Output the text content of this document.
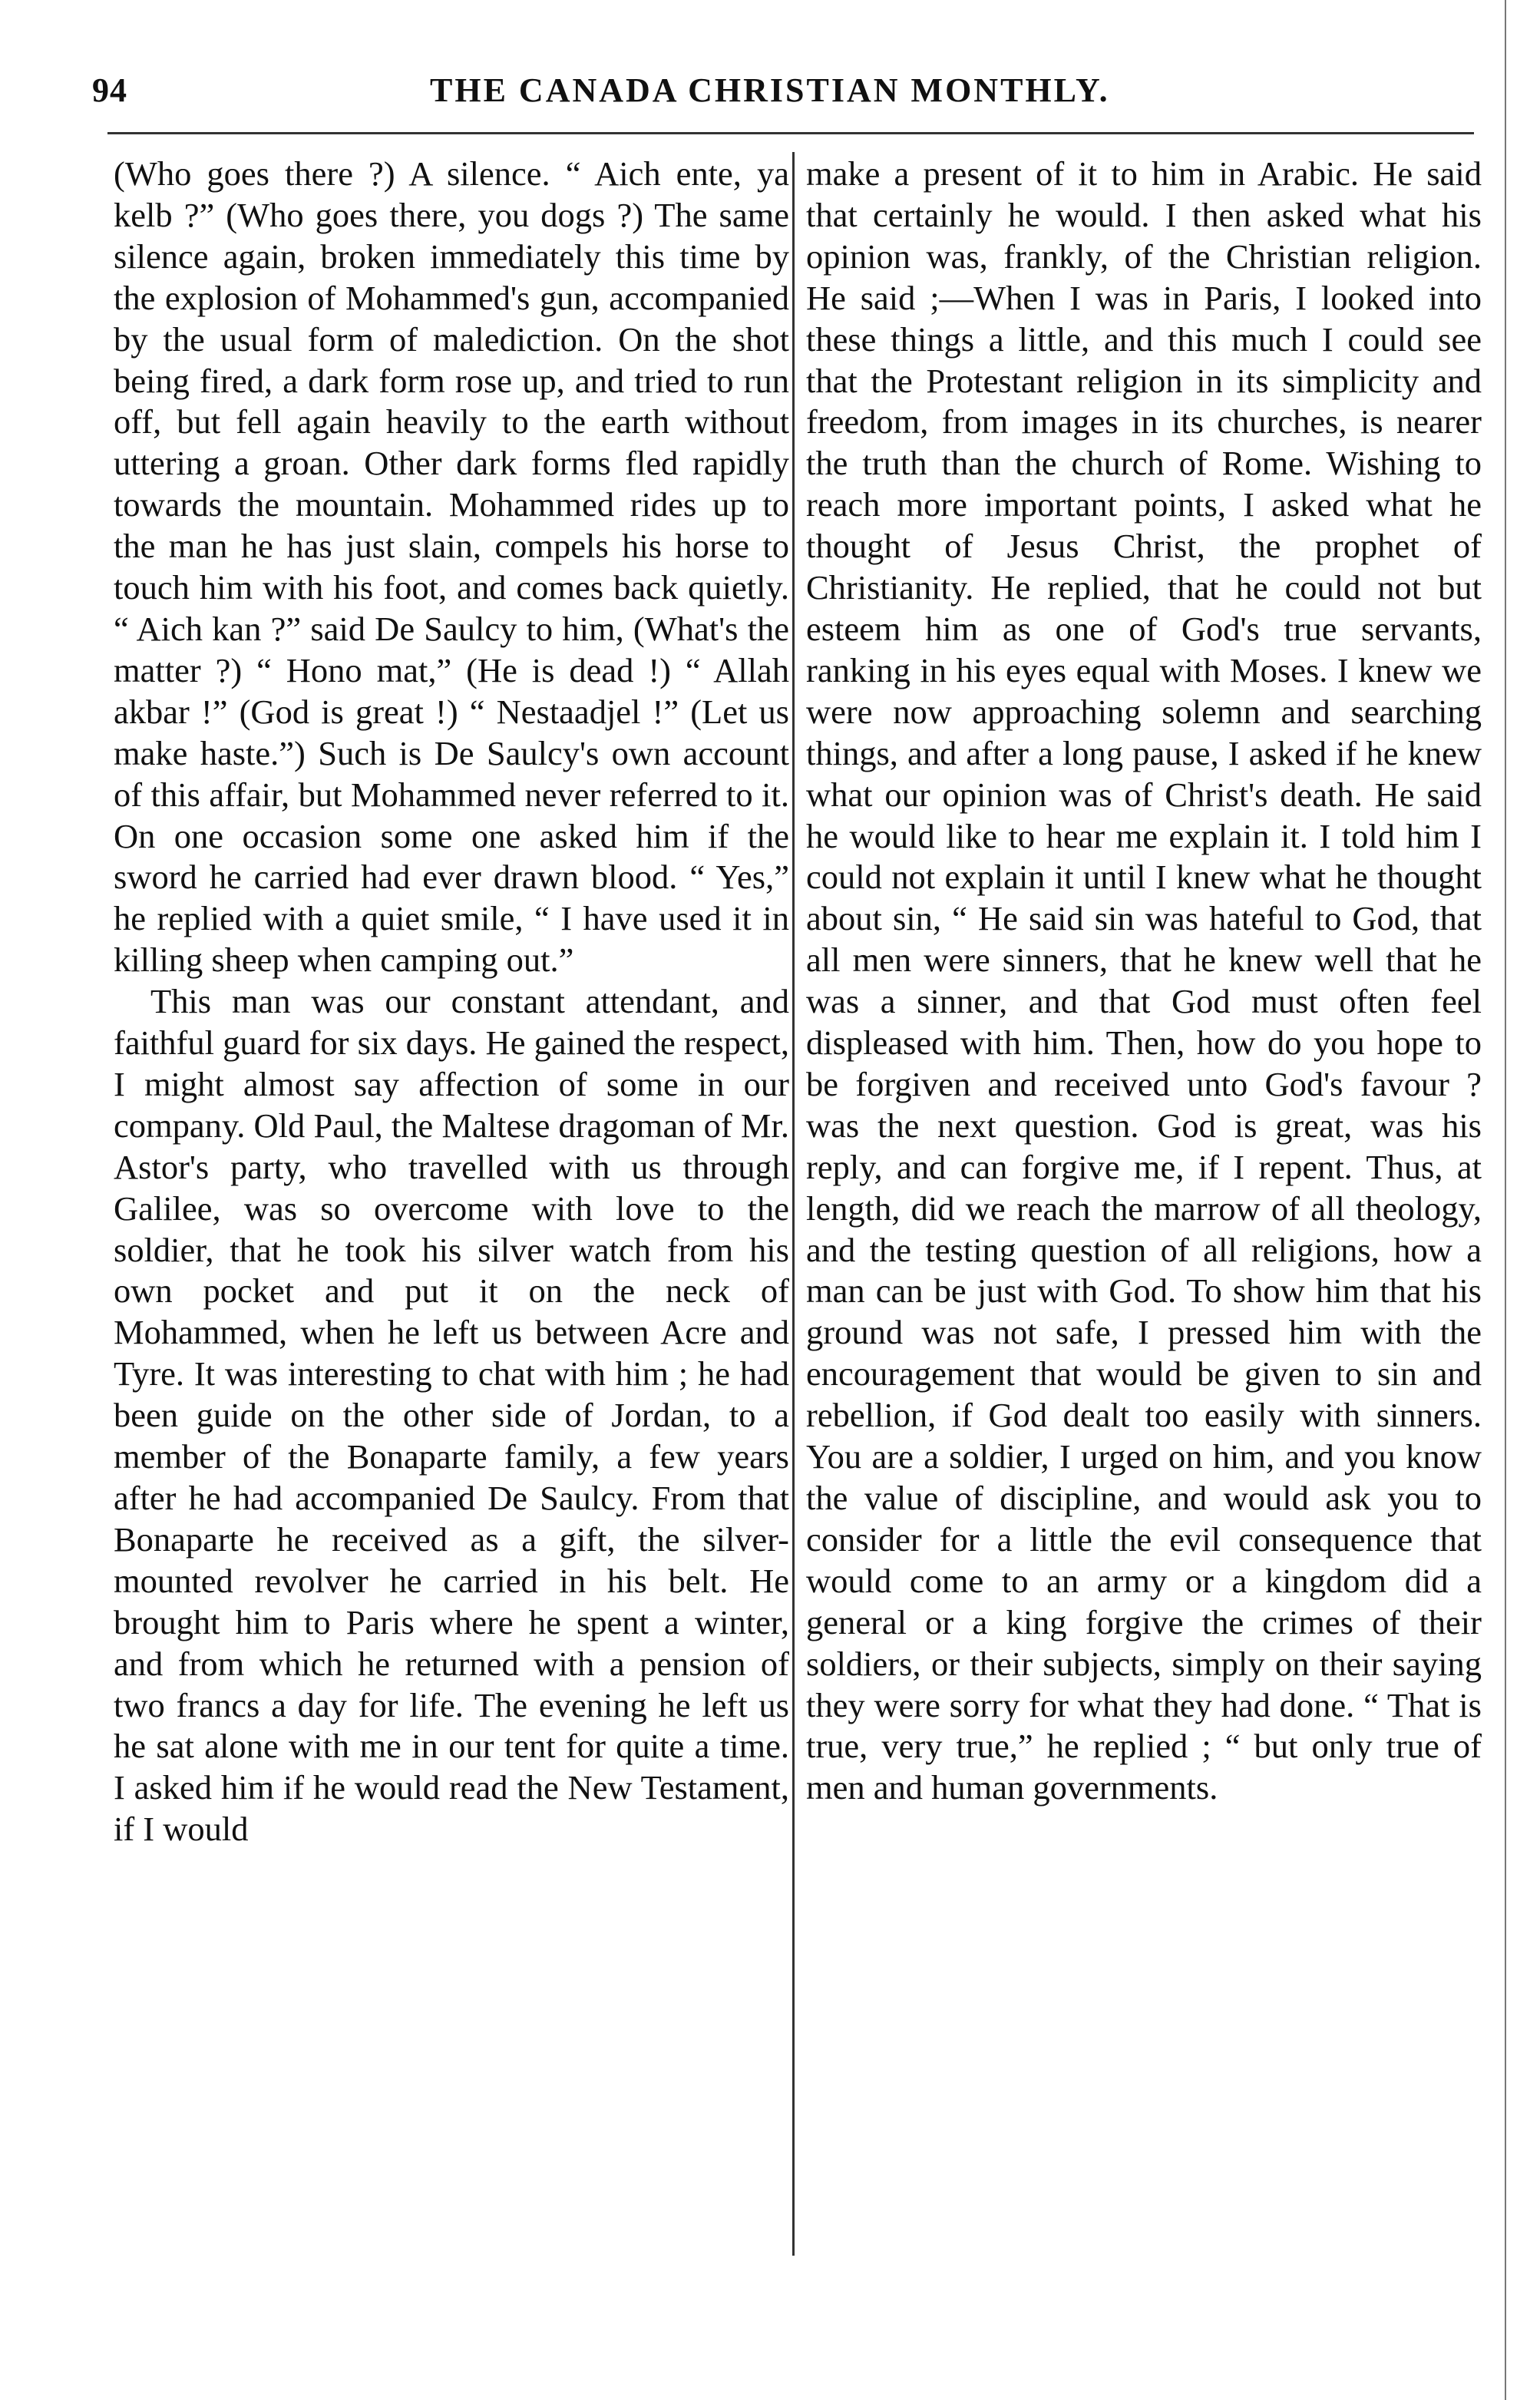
94	THE CANADA CHRISTIAN MONTHLY.

(Who goes there ?) A silence. “ Aich ente, ya kelb ?” (Who goes there, you dogs ?) The same silence again, broken immediately this time by the explosion of Mohammed's gun, accompanied by the usual form of malediction. On the shot being fired, a dark form rose up, and tried to run off, but fell again heavily to the earth without uttering a groan. Other dark forms fled rapidly towards the mountain. Mohammed rides up to the man he has just slain, compels his horse to touch him with his foot, and comes back quietly. “ Aich kan ?” said De Saulcy to him, (What's the matter ?) “ Hono mat,” (He is dead !) “ Allah akbar !” (God is great !) “ Nestaadjel !” (Let us make haste.”) Such is De Saulcy's own account of this affair, but Mohammed never referred to it. On one occasion some one asked him if the sword he carried had ever drawn blood. “ Yes,” he replied with a quiet smile, “ I have used it in killing sheep when camping out.”

This man was our constant attendant, and faithful guard for six days. He gained the respect, I might almost say affection of some in our company. Old Paul, the Maltese dragoman of Mr. Astor's party, who travelled with us through Galilee, was so overcome with love to the soldier, that he took his silver watch from his own pocket and put it on the neck of Mohammed, when he left us between Acre and Tyre. It was interesting to chat with him ; he had been guide on the other side of Jordan, to a member of the Bonaparte family, a few years after he had accompanied De Saulcy. From that Bonaparte he received as a gift, the silver-mounted revolver he carried in his belt. He brought him to Paris where he spent a winter, and from which he returned with a pension of two francs a day for life. The evening he left us he sat alone with me in our tent for quite a time. I asked him if he would read the New Testament, if I would

make a present of it to him in Arabic. He said that certainly he would. I then asked what his opinion was, frankly, of the Christian religion. He said ;—When I was in Paris, I looked into these things a little, and this much I could see that the Protestant religion in its simplicity and freedom, from images in its churches, is nearer the truth than the church of Rome. Wishing to reach more important points, I asked what he thought of Jesus Christ, the prophet of Christianity. He replied, that he could not but esteem him as one of God's true servants, ranking in his eyes equal with Moses. I knew we were now approaching solemn and searching things, and after a long pause, I asked if he knew what our opinion was of Christ's death. He said he would like to hear me explain it. I told him I could not explain it until I knew what he thought about sin, “ He said sin was hateful to God, that all men were sinners, that he knew well that he was a sinner, and that God must often feel displeased with him. Then, how do you hope to be forgiven and received unto God's favour ? was the next question. God is great, was his reply, and can forgive me, if I repent. Thus, at length, did we reach the marrow of all theology, and the testing question of all religions, how a man can be just with God. To show him that his ground was not safe, I pressed him with the encouragement that would be given to sin and rebellion, if God dealt too easily with sinners. You are a soldier, I urged on him, and you know the value of discipline, and would ask you to consider for a little the evil consequence that would come to an army or a kingdom did a general or a king forgive the crimes of their soldiers, or their subjects, simply on their saying they were sorry for what they had done. “ That is true, very true,” he replied ; “ but only true of men and human governments.
